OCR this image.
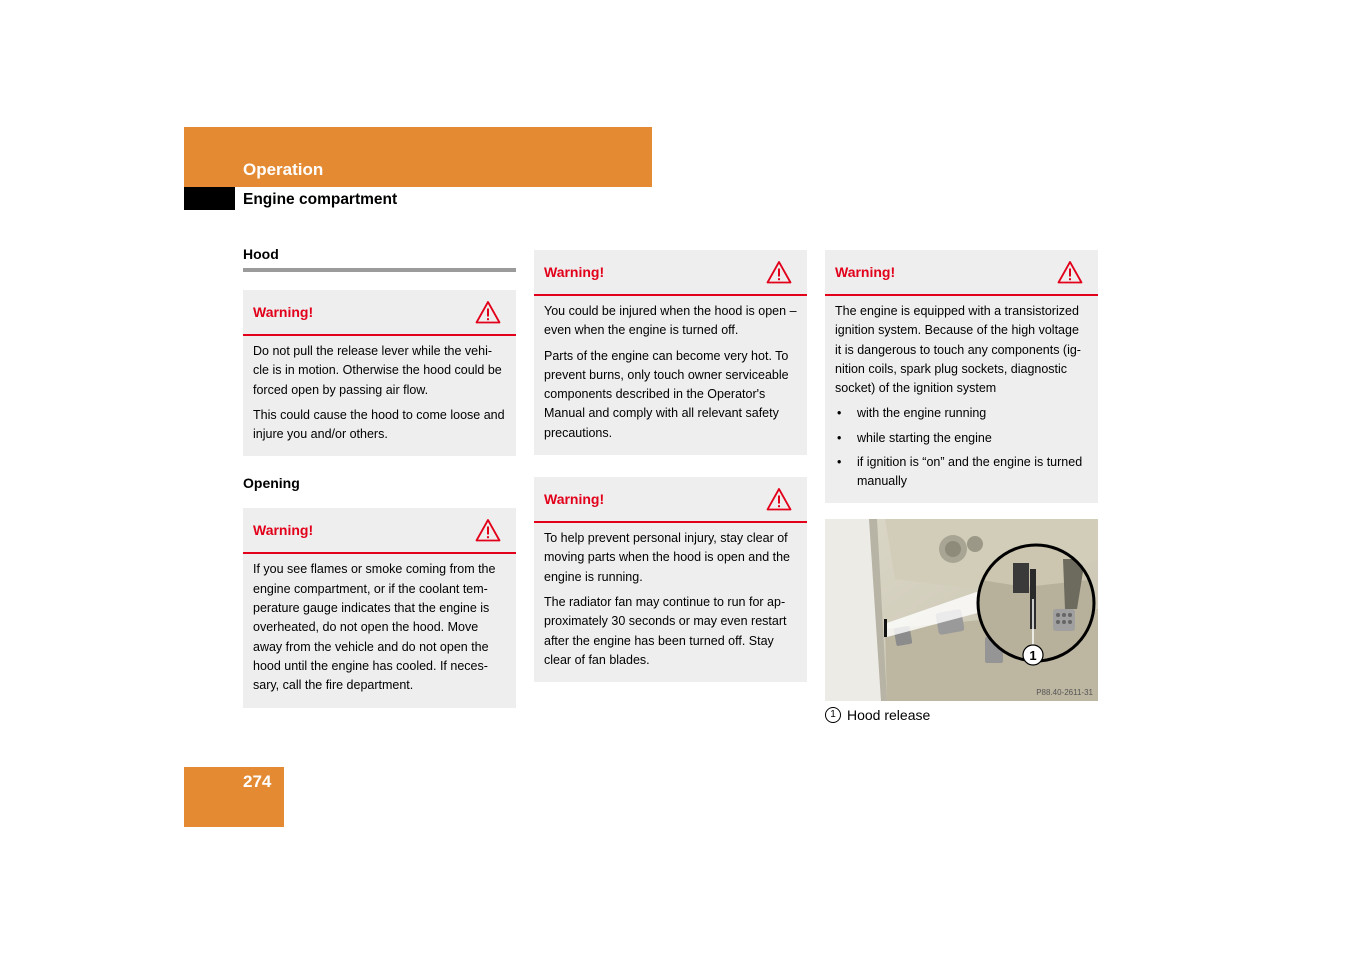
Operation
Engine compartment
Hood
Warning!

Do not pull the release lever while the vehi-cle is in motion. Otherwise the hood could be forced open by passing air flow.

This could cause the hood to come loose and injure you and/or others.

Opening
Warning!

If you see flames or smoke coming from the engine compartment, or if the coolant tem-perature gauge indicates that the engine is overheated, do not open the hood. Move away from the vehicle and do not open the hood until the engine has cooled. If neces-sary, call the fire department.

Warning!

You could be injured when the hood is open – even when the engine is turned off.

Parts of the engine can become very hot. To prevent burns, only touch owner serviceable components described in the Operator's Manual and comply with all relevant safety precautions.

Warning!

To help prevent personal injury, stay clear of moving parts when the hood is open and the engine is running.

The radiator fan may continue to run for ap-proximately 30 seconds or may even restart after the engine has been turned off. Stay clear of fan blades.

Warning!

The engine is equipped with a transistorized ignition system. Because of the high voltage it is dangerous to touch any components (ig-nition coils, spark plug sockets, diagnostic socket) of the ignition system

• with the engine running
• while starting the engine
• if ignition is “on” and the engine is turned manually
1
P88.40-2611-31
1 Hood release
274
